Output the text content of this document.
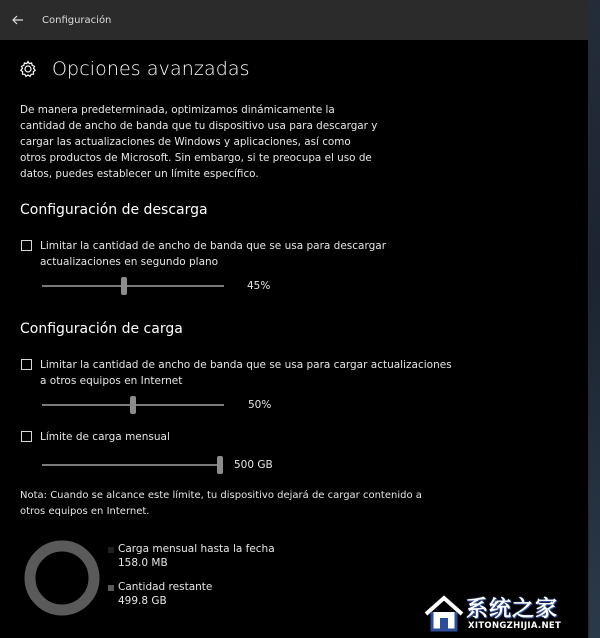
Configuración
Opciones avanzadas
De manera predeterminada, optimizamos dinámicamente la cantidad de ancho de banda que tu dispositivo usa para descargar y cargar las actualizaciones de Windows y aplicaciones, así como otros productos de Microsoft. Sin embargo, si te preocupa el uso de datos, puedes establecer un límite específico.
Configuración de descarga
Limitar la cantidad de ancho de banda que se usa para descargar actualizaciones en segundo plano
45%
Configuración de carga
Limitar la cantidad de ancho de banda que se usa para cargar actualizaciones a otros equipos en Internet
50%
Límite de carga mensual
500 GB
Nota: Cuando se alcance este límite, tu dispositivo dejará de cargar contenido a otros equipos en Internet.
Carga mensual hasta la fecha
158.0 MB
Cantidad restante
499.8 GB	系统之家
XITONGZHIJIA.NET
